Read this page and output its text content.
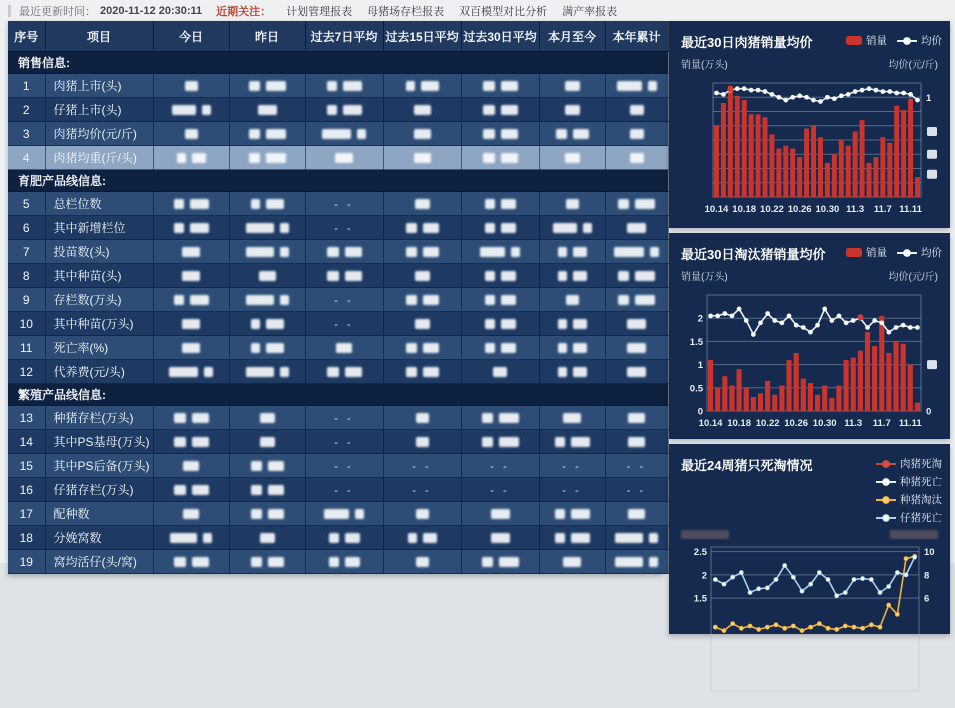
最近更新时间： 2020-11-12 20:30:11 近期关注：	计划管理报表 母猪场存栏报表 双百模型对比分析 满产率报表
序号	项目	今日	昨日	过去7日平均	过去15日平均	过去30日平均	本月至今	本年累计
销售信息:								
1	肉猪上市(头)							
2	仔猪上市(头)							
3	肉猪均价(元/斤)							
4	肉猪均重(斤/头)							
育肥产品线信息:								
5	总栏位数			- -				
6	其中新增栏位			- -				
7	投苗数(头)							
8	其中种苗(头)							
9	存栏数(万头)			- -				
10	其中种苗(万头)			- -				
11	死亡率(%)							
12	代养费(元/头)							
繁殖产品线信息:								
13	种猪存栏(万头)			- -				
14	其中PS基母(万头)			- -				
15	其中PS后备(万头)			- -	- -	- -	- -	- -
16	仔猪存栏(万头)			- -	- -	- -	- -	- -
17	配种数							
18	分娩窝数							
19	窝均活仔(头/窝)							
最近30日肉猪销量均价	销量	均价
销量(万头)	均价(元/斤)
1
10.14 10.18 10.22 10.26 10.30 11.3 11.7 11.11
最近30日淘汰猪销量均价	销量	均价
销量(万头)	均价(元/斤)
2
1.5
1
0.5
0	0
10.14 10.18 10.22 10.26 10.30 11.3 11.7 11.11
最近24周猪只死淘情况	肉猪死淘
种猪死亡
种猪淘汰
仔猪死亡
2.5
2
1.5
10
8
6
